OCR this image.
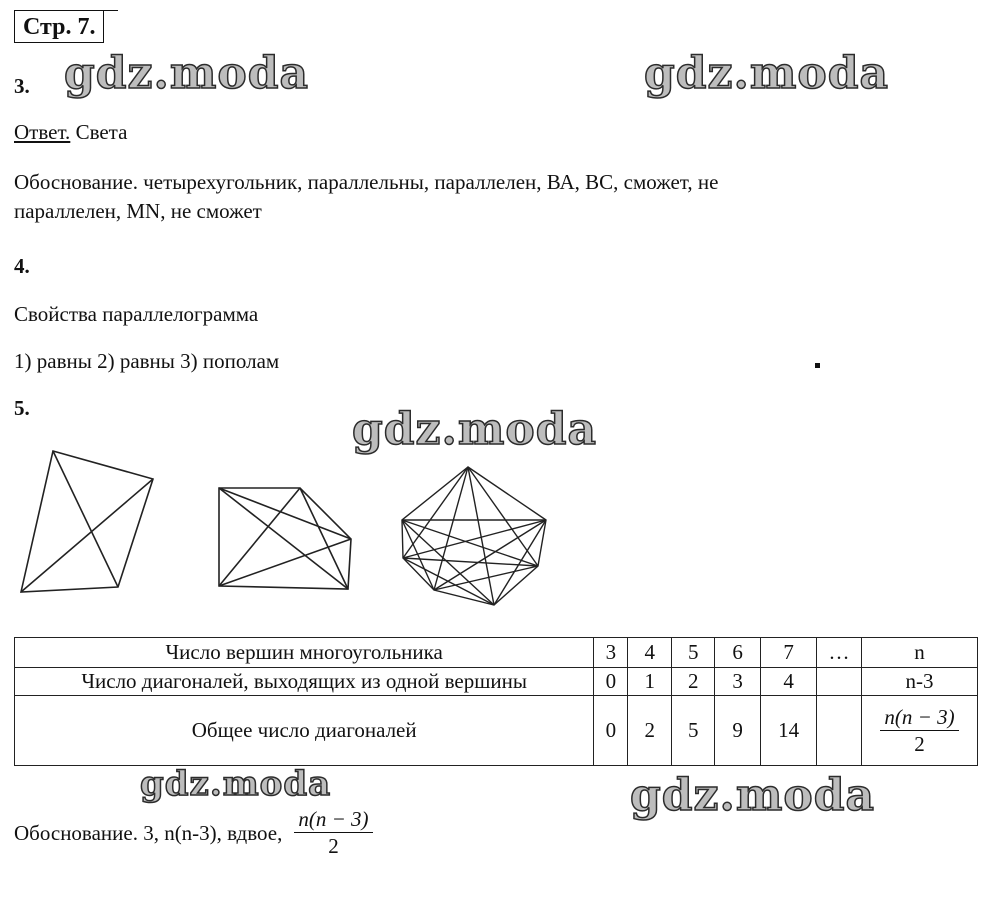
Стр. 7.
gdz.moda	gdz.moda
gdz.moda
gdz.moda	gdz.moda
3.
Ответ. Света
Обоснование. четырехугольник, параллельны, параллелен, ВА, ВС, сможет, не
параллелен, MN, не сможет
4.
Свойства параллелограмма
1) равны 2) равны 3) пополам
5.
Число вершин многоугольника	3	4	5	6	7	…	n
Число диагоналей, выходящих из одной вершины	0	1	2	3	4		n-3
Общее число диагоналей	0	2	5	9	14		$\frac{n(n - 3)}{2}$
Обоснование. 3, n(n-3), вдвое, $\frac{n(n - 3)}{2}$
